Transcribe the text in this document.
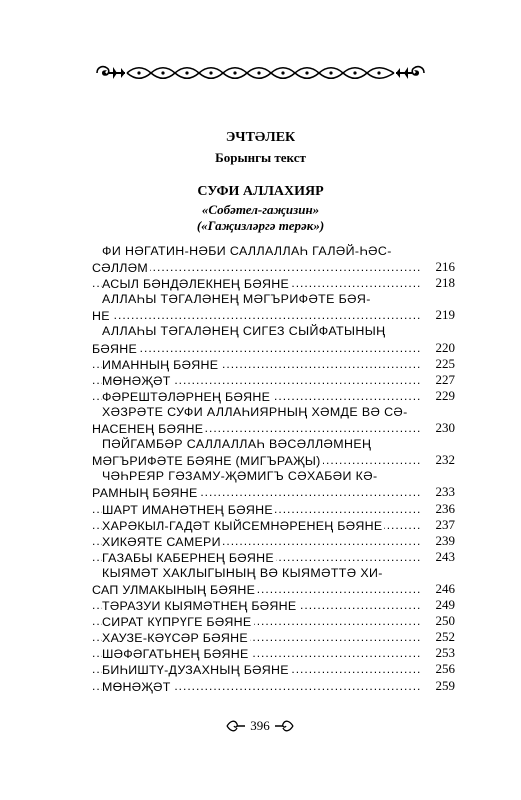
ЭЧТӘЛЕК
Борынгы текст
СУФИ АЛЛАХИЯР
«Собәтел-гаҗизин»
(«Гаҗизләргә терәк»)
ФИ НӘГАТИН-НӘБИ САЛЛАЛЛАҺ ГАЛӘЙ-ҺӘС-
.....
СӘЛЛӘМ	216
.....
АСЫЛ БӘНДӘЛЕКНЕҢ БӘЯНЕ	218
АЛЛАҺЫ ТӘГАЛӘНЕҢ МӘГЪРИФӘТЕ БӘЯ-
.....
НЕ	219
АЛЛАҺЫ ТӘГАЛӘНЕҢ СИГЕЗ СЫЙФАТЫНЫҢ
.....
БӘЯНЕ	220
.....
ИМАННЫҢ БӘЯНЕ	225
.....
МӨНӘҖӘТ	227
.....
ФӘРЕШТӘЛӘРНЕҢ БӘЯНЕ	229
ХӘЗРӘТЕ СУФИ АЛЛАҺИЯРНЫҢ ХӘМДЕ ВӘ СӘ-
.....
НАСЕНЕҢ БӘЯНЕ	230
ПӘЙГАМБӘР САЛЛАЛЛАҺ ВӘСӘЛЛӘМНЕҢ
.....
МӘГЪРИФӘТЕ БӘЯНЕ (МИГЪРАҖЫ)	232
ЧӘҺРЕЯР ГӘЗАМУ-ҖӘМИГЪ СӘХАБӘИ КӘ-
.....
РАМНЫҢ БӘЯНЕ	233
.....
ШАРТ ИМАНӘТНЕҢ БӘЯНЕ	236
.....
ХАРӘКЫЛ-ГАДӘТ КЫЙСЕМНӘРЕНЕҢ БӘЯНЕ	237
.....
ХИКӘЯТЕ САМЕРИ	239
.....
ГАЗАБЫ КАБЕРНЕҢ БӘЯНЕ	243
КЫЯМӘТ ХАКЛЫГЫНЫҢ ВӘ КЫЯМӘТТӘ ХИ-
.....
САП УЛМАКЫНЫҢ БӘЯНЕ	246
.....
ТӘРАЗУИ КЫЯМӘТНЕҢ БӘЯНЕ	249
.....
СИРАТ КҮПРҮГЕ БӘЯНЕ	250
.....
ХАУЗЕ-КӘҮСӘР БӘЯНЕ	252
.....
ШӘФӘГАТЬНЕҢ БӘЯНЕ	253
.....
БИҺИШТҮ-ДУЗАХНЫҢ БӘЯНЕ	256
.....
МӨНӘҖӘТ	259
396
